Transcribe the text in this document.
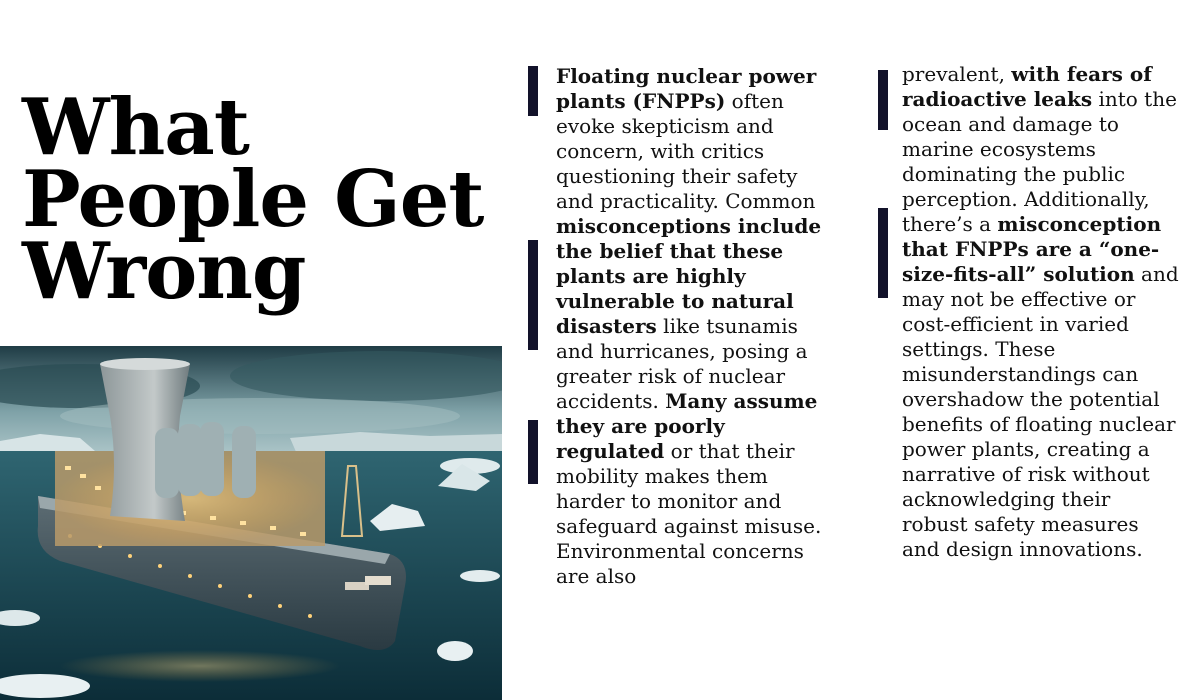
What
People Get
Wrong

Floating nuclear power plants (FNPPs) often evoke skepticism and concern, with critics questioning their safety and practicality. Common misconceptions include the belief that these plants are highly vulnerable to natural disasters like tsunamis and hurricanes, posing a greater risk of nuclear accidents. Many assume they are poorly regulated or that their mobility makes them harder to monitor and safeguard against misuse. Environmental concerns are also

prevalent, with fears of radioactive leaks into the ocean and damage to marine ecosystems dominating the public perception. Additionally, there’s a misconception that FNPPs are a “one-size-fits-all” solution and may not be effective or cost-efficient in varied settings. These misunderstandings can overshadow the potential benefits of floating nuclear power plants, creating a narrative of risk without acknowledging their robust safety measures and design innovations.
